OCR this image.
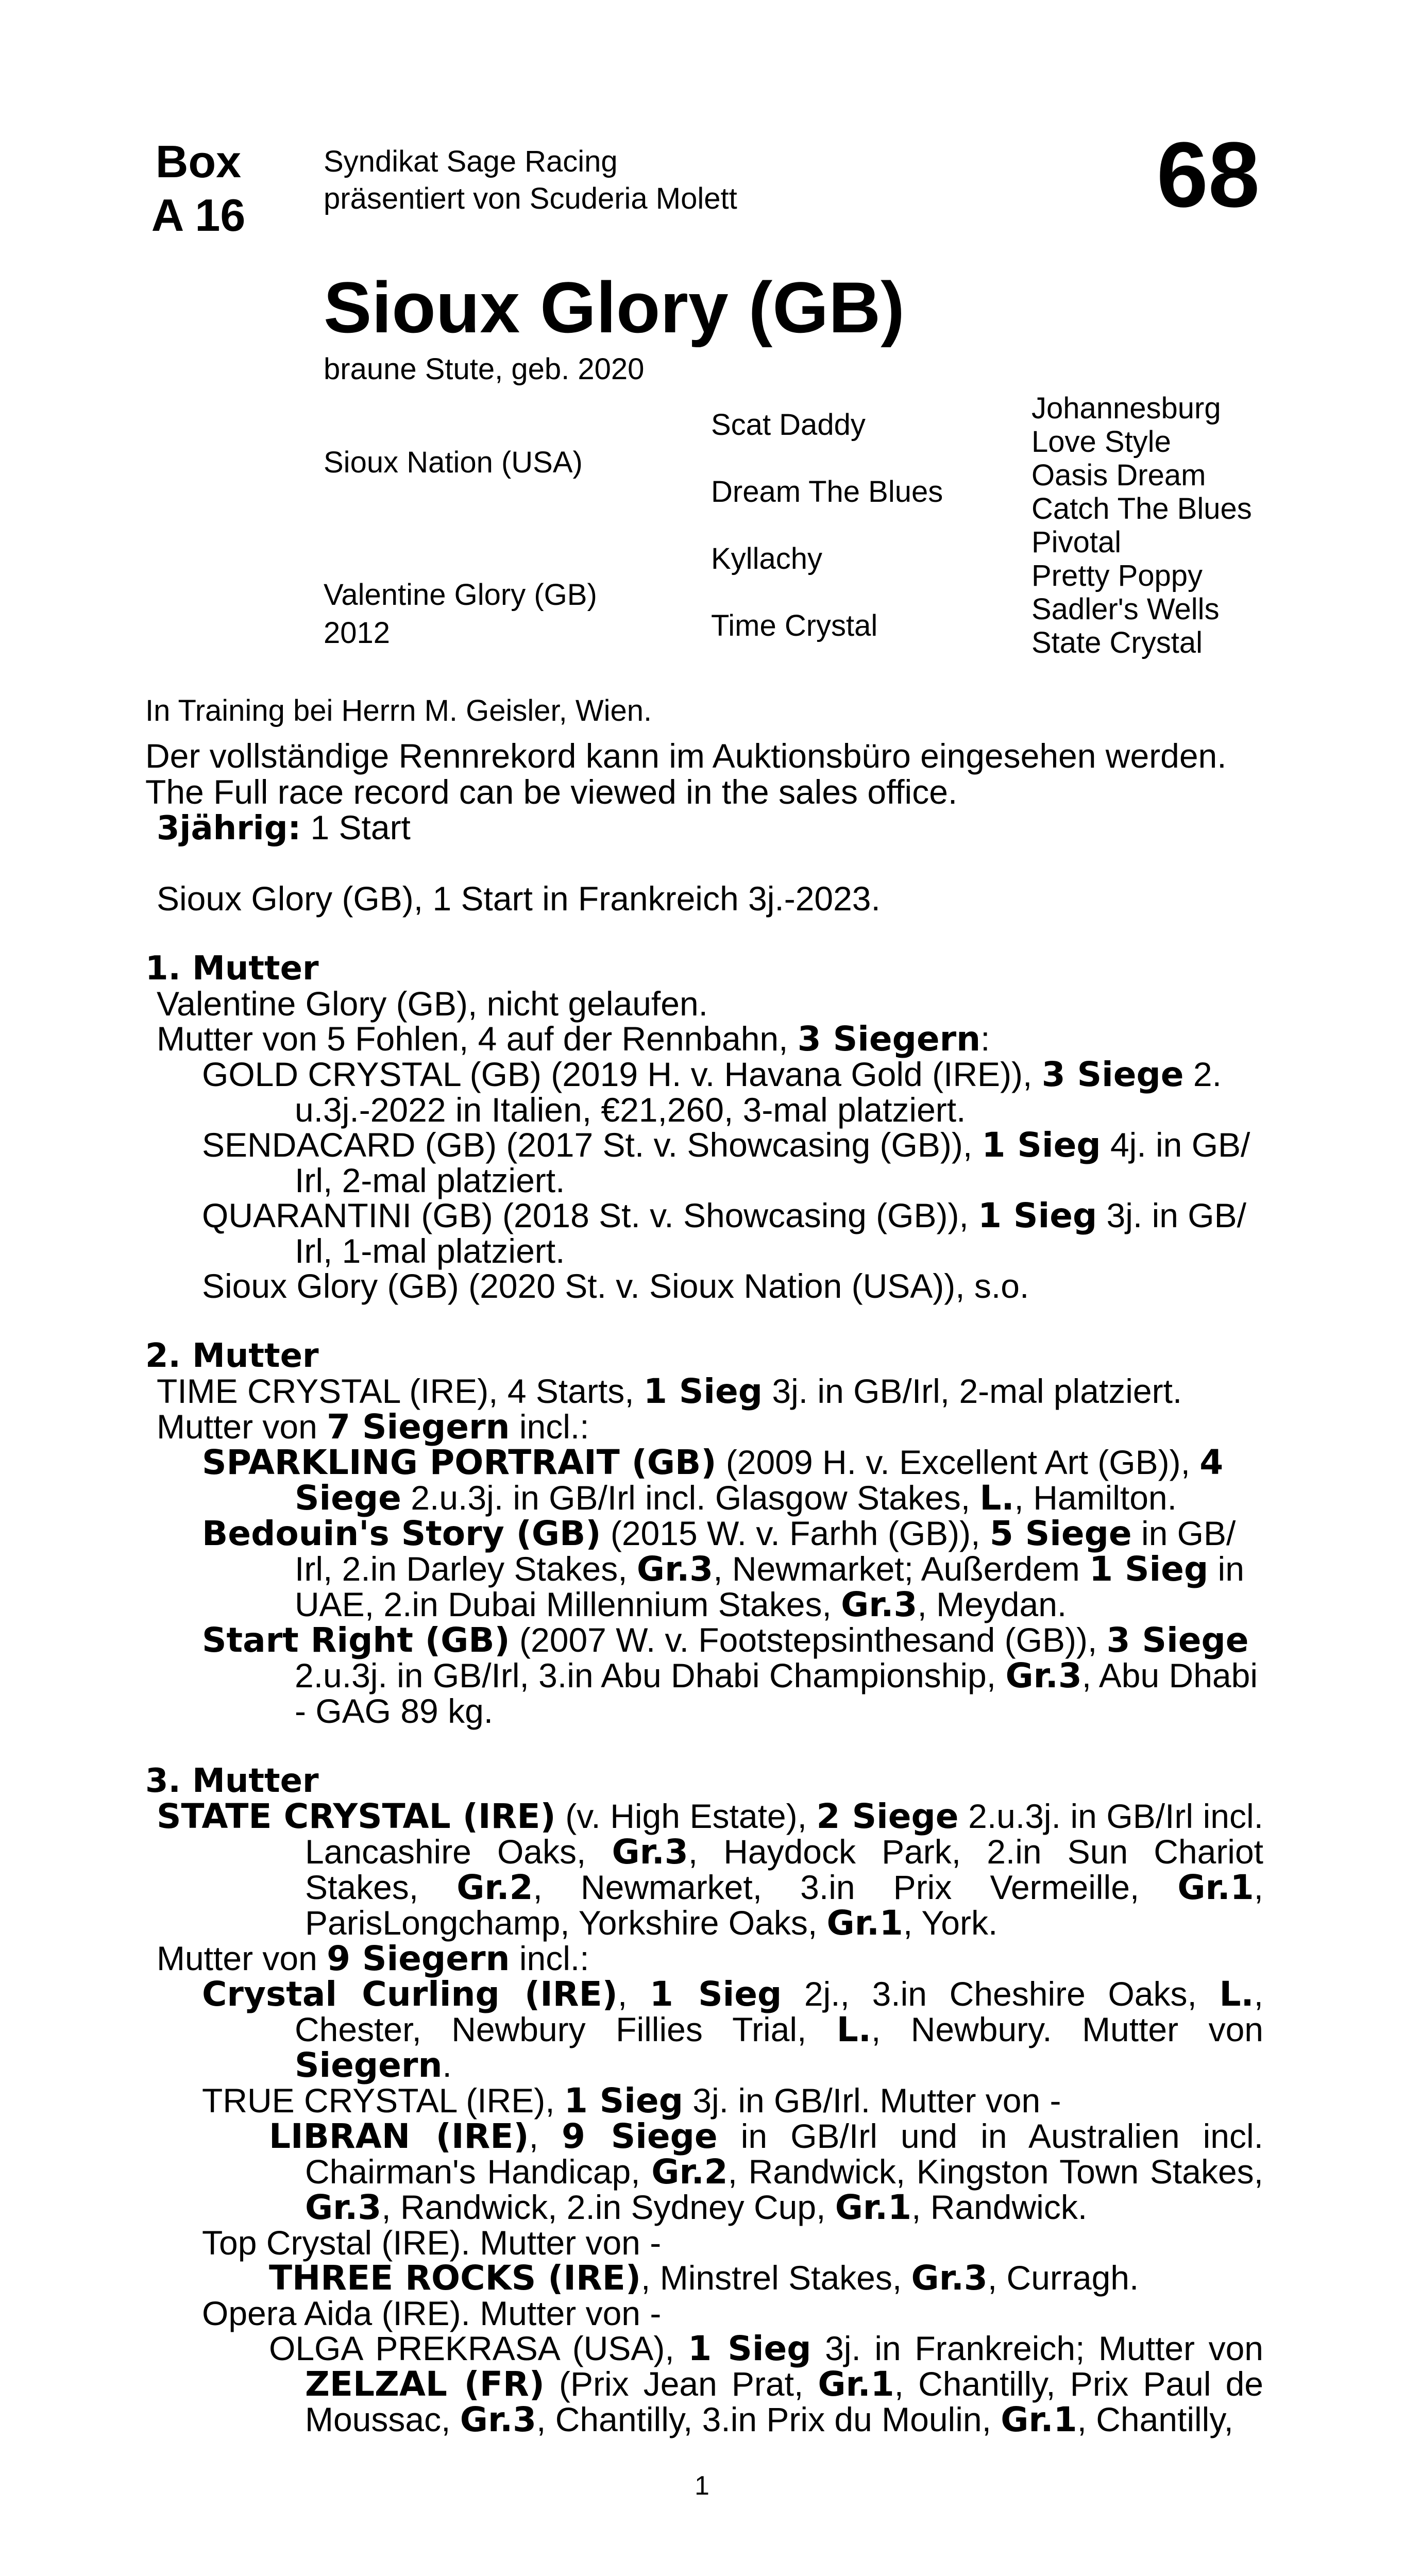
Box
A 16	68
Syndikat Sage Racing
präsentiert von Scuderia Molett
Sioux Glory (GB)
braune Stute, geb. 2020
Sioux Nation (USA)
Valentine Glory (GB)
2012
Scat Daddy
Dream The Blues
Kyllachy
Time Crystal
Johannesburg
Love Style
Oasis Dream
Catch The Blues
Pivotal
Pretty Poppy
Sadler's Wells
State Crystal
In Training bei Herrn M. Geisler, Wien.
Der vollständige Rennrekord kann im Auktionsbüro eingesehen werden.
The Full race record can be viewed in the sales office.
3jährig: 1 Start
Sioux Glory (GB), 1 Start in Frankreich 3j.-2023.
1. Mutter
Valentine Glory (GB), nicht gelaufen.
Mutter von 5 Fohlen, 4 auf der Rennbahn, 3 Siegern:
GOLD CRYSTAL (GB) (2019 H. v. Havana Gold (IRE)), 3 Siege 2. u.3j.-2022 in Italien, €21,260, 3-mal platziert.
SENDACARD (GB) (2017 St. v. Showcasing (GB)), 1 Sieg 4j. in GB/ Irl, 2-mal platziert.
QUARANTINI (GB) (2018 St. v. Showcasing (GB)), 1 Sieg 3j. in GB/ Irl, 1-mal platziert.
Sioux Glory (GB) (2020 St. v. Sioux Nation (USA)), s.o.
2. Mutter
TIME CRYSTAL (IRE), 4 Starts, 1 Sieg 3j. in GB/Irl, 2-mal platziert.
Mutter von 7 Siegern incl.:
SPARKLING PORTRAIT (GB) (2009 H. v. Excellent Art (GB)), 4 Siege 2.u.3j. in GB/Irl incl. Glasgow Stakes, L., Hamilton.
Bedouin's Story (GB) (2015 W. v. Farhh (GB)), 5 Siege in GB/ Irl, 2.in Darley Stakes, Gr.3, Newmarket; Außerdem 1 Sieg in UAE, 2.in Dubai Millennium Stakes, Gr.3, Meydan.
Start Right (GB) (2007 W. v. Footstepsinthesand (GB)), 3 Siege 2.u.3j. in GB/Irl, 3.in Abu Dhabi Championship, Gr.3, Abu Dhabi - GAG 89 kg.
3. Mutter
STATE CRYSTAL (IRE) (v. High Estate), 2 Siege 2.u.3j. in GB/Irl incl. Lancashire Oaks, Gr.3, Haydock Park, 2.in Sun Chariot Stakes, Gr.2, Newmarket, 3.in Prix Vermeille, Gr.1, ParisLongchamp, Yorkshire Oaks, Gr.1, York.
Mutter von 9 Siegern incl.:
Crystal Curling (IRE), 1 Sieg 2j., 3.in Cheshire Oaks, L., Chester, Newbury Fillies Trial, L., Newbury. Mutter von Siegern.
TRUE CRYSTAL (IRE), 1 Sieg 3j. in GB/Irl. Mutter von -
LIBRAN (IRE), 9 Siege in GB/Irl und in Australien incl. Chairman's Handicap, Gr.2, Randwick, Kingston Town Stakes, Gr.3, Randwick, 2.in Sydney Cup, Gr.1, Randwick.
Top Crystal (IRE). Mutter von -
THREE ROCKS (IRE), Minstrel Stakes, Gr.3, Curragh.
Opera Aida (IRE). Mutter von -
OLGA PREKRASA (USA), 1 Sieg 3j. in Frankreich; Mutter von ZELZAL (FR) (Prix Jean Prat, Gr.1, Chantilly, Prix Paul de Moussac, Gr.3, Chantilly, 3.in Prix du Moulin, Gr.1, Chantilly,
1
